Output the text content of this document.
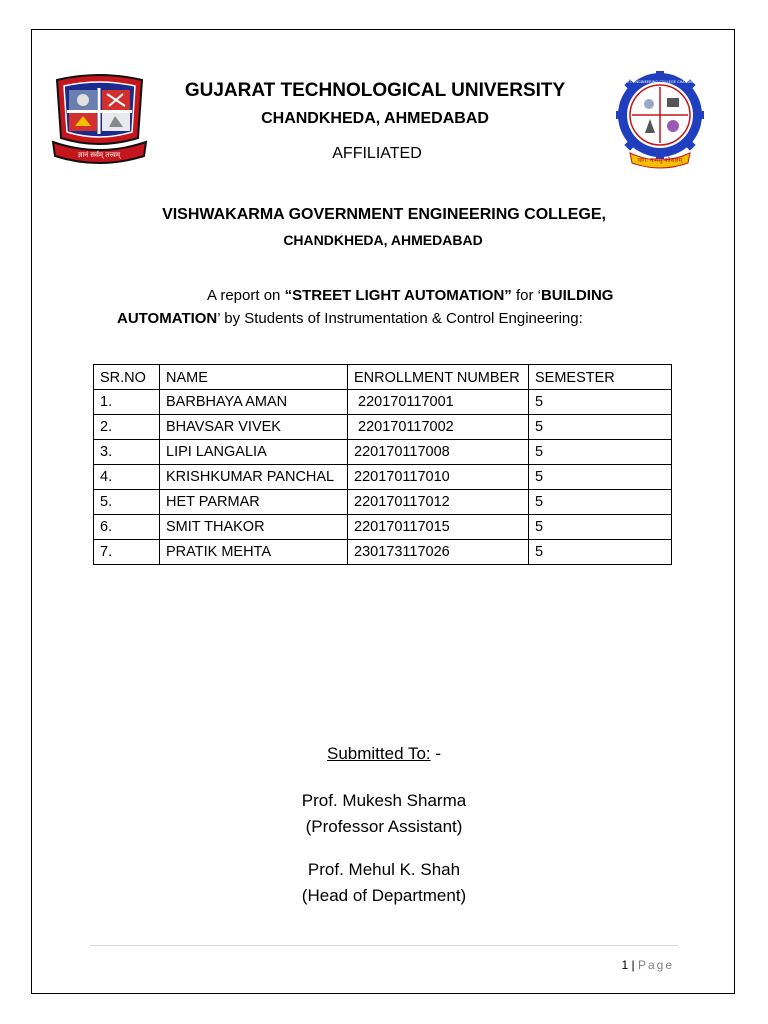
ज्ञानं सर्वम् तत्त्वम्
योग: कर्मसु कौशलम्
VISHWAKARMA GOVT. ENGINEERING COLLEGE CHANDKHEDA AHMEDABAD
GUJARAT TECHNOLOGICAL UNIVERSITY
CHANDKHEDA, AHMEDABAD
AFFILIATED
VISHWAKARMA GOVERNMENT ENGINEERING COLLEGE,
CHANDKHEDA, AHMEDABAD

A report on “STREET LIGHT AUTOMATION” for ‘BUILDING

AUTOMATION’ by Students of Instrumentation & Control Engineering:

SR.NO	NAME	ENROLLMENT NUMBER	SEMESTER
1.	BARBHAYA AMAN	220170117001	5
2.	BHAVSAR VIVEK	220170117002	5
3.	LIPI LANGALIA	220170117008	5
4.	KRISHKUMAR PANCHAL	220170117010	5
5.	HET PARMAR	220170117012	5
6.	SMIT THAKOR	220170117015	5
7.	PRATIK MEHTA	230173117026	5
Submitted To: -
Prof. Mukesh Sharma
(Professor Assistant)
Prof. Mehul K. Shah
(Head of Department)
1 | Page
